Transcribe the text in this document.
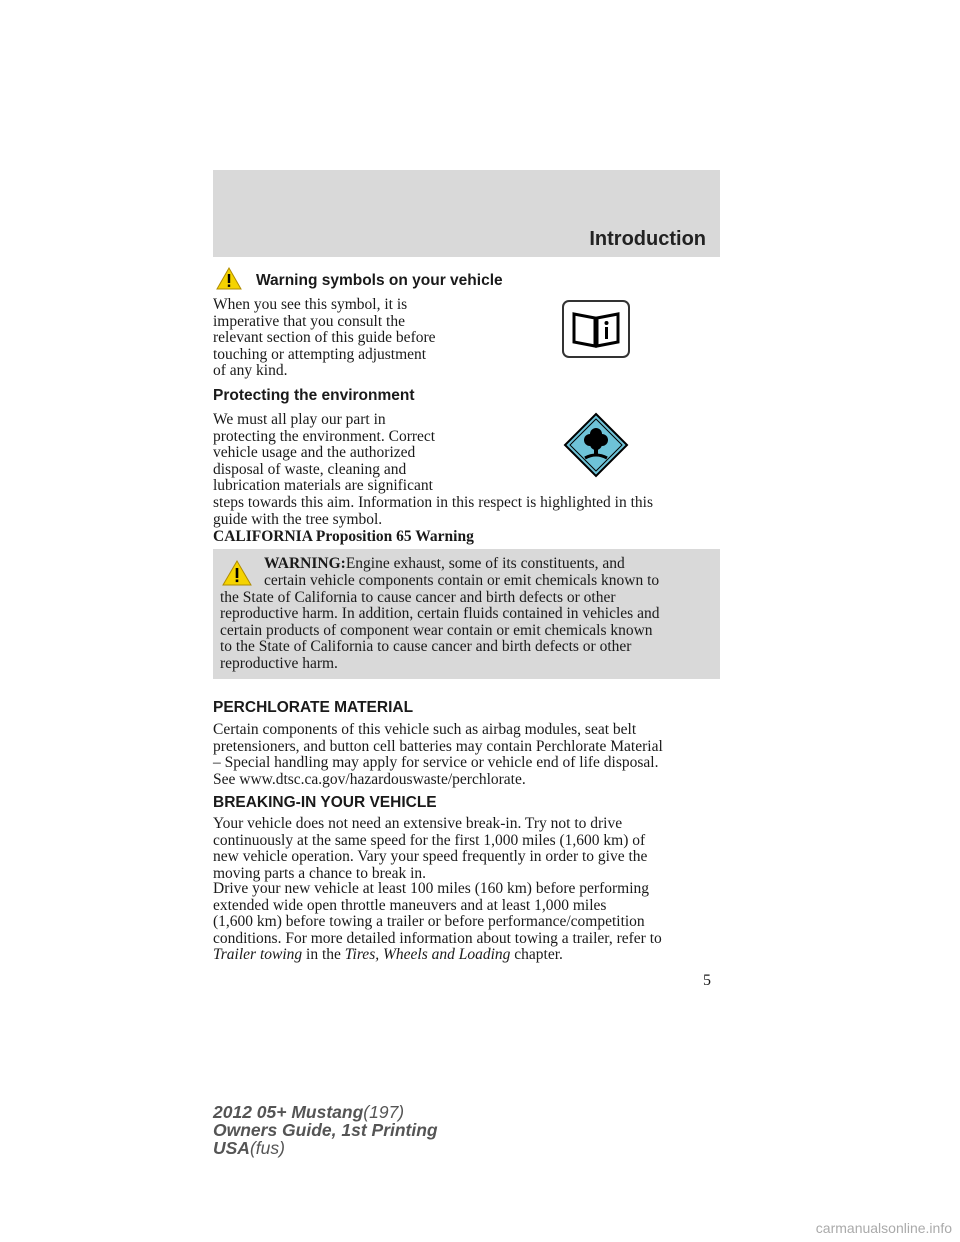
Introduction
Warning symbols on your vehicle
When you see this symbol, it is
imperative that you consult the
relevant section of this guide before
touching or attempting adjustment
of any kind.
Protecting the environment
We must all play our part in
protecting the environment. Correct
vehicle usage and the authorized
disposal of waste, cleaning and
lubrication materials are significant
steps towards this aim. Information in this respect is highlighted in this
guide with the tree symbol.
CALIFORNIA Proposition 65 Warning
WARNING:Engine exhaust, some of its constituents, and
certain vehicle components contain or emit chemicals known to
the State of California to cause cancer and birth defects or other
reproductive harm. In addition, certain fluids contained in vehicles and
certain products of component wear contain or emit chemicals known
to the State of California to cause cancer and birth defects or other
reproductive harm.
PERCHLORATE MATERIAL
Certain components of this vehicle such as airbag modules, seat belt
pretensioners, and button cell batteries may contain Perchlorate Material
– Special handling may apply for service or vehicle end of life disposal.
See www.dtsc.ca.gov/hazardouswaste/perchlorate.
BREAKING-IN YOUR VEHICLE
Your vehicle does not need an extensive break-in. Try not to drive
continuously at the same speed for the first 1,000 miles (1,600 km) of
new vehicle operation. Vary your speed frequently in order to give the
moving parts a chance to break in.
Drive your new vehicle at least 100 miles (160 km) before performing
extended wide open throttle maneuvers and at least 1,000 miles
(1,600 km) before towing a trailer or before performance/competition
conditions. For more detailed information about towing a trailer, refer to
Trailer towing in the Tires, Wheels and Loading chapter.
5
2012 05+ Mustang(197)
Owners Guide, 1st Printing
USA(fus)
carmanualsonline.info
